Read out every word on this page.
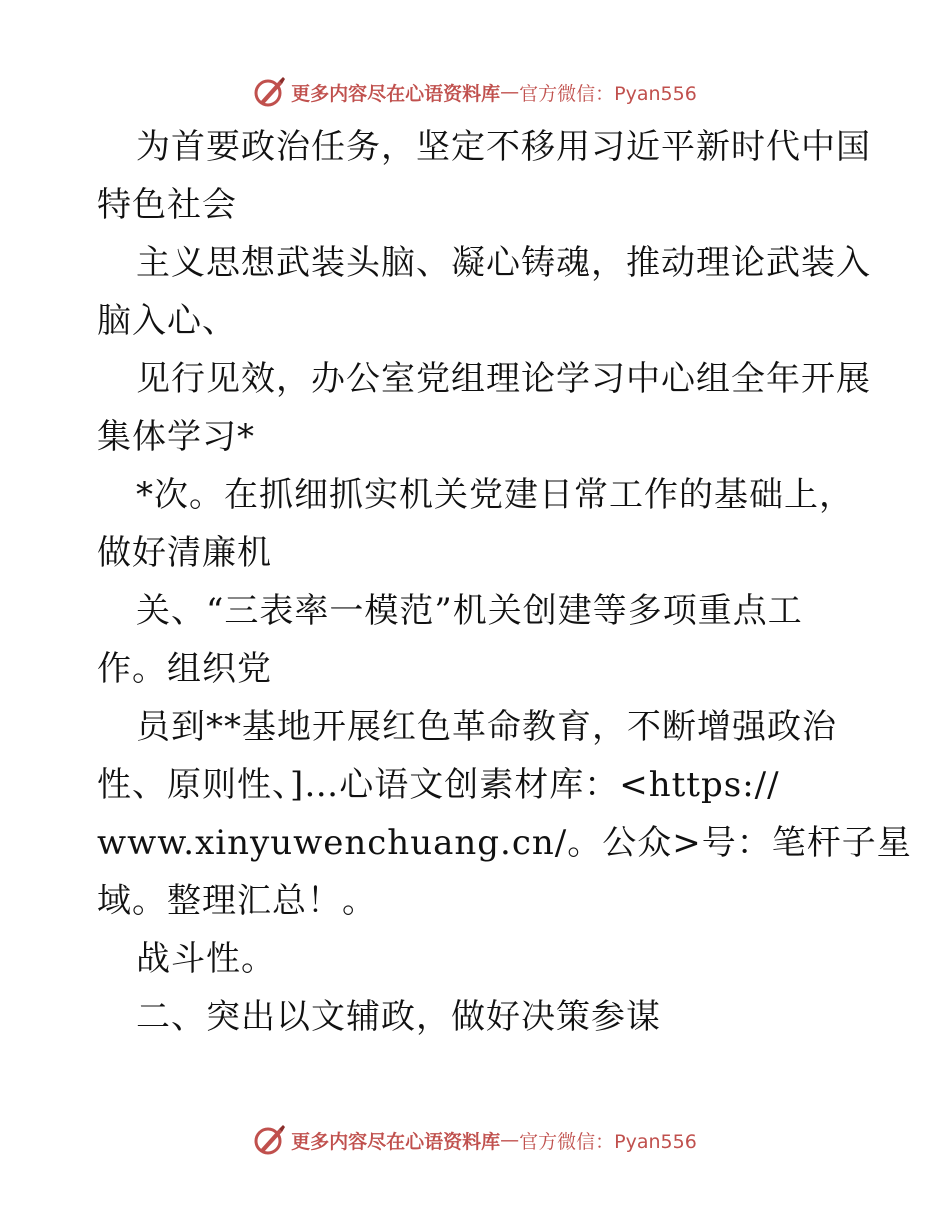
更多内容尽在心语资料库 — 官方微信：Pyan556
为首要政治任务，坚定不移用习近平新时代中国
特色社会
主义思想武装头脑、凝心铸魂，推动理论武装入
脑入心、
见行见效，办公室党组理论学习中心组全年开展
集体学习*
*次。在抓细抓实机关党建日常工作的基础上，
做好清廉机
关、“三表率一模范”机关创建等多项重点工
作。组织党
员到**基地开展红色革命教育，不断增强政治
性、原则性、]…心语文创素材库：<https://
www.xinyuwenchuang.cn/。公众>号：笔杆子星
域。整理汇总！。
战斗性。
二、突出以文辅政，做好决策参谋
更多内容尽在心语资料库 — 官方微信：Pyan556
